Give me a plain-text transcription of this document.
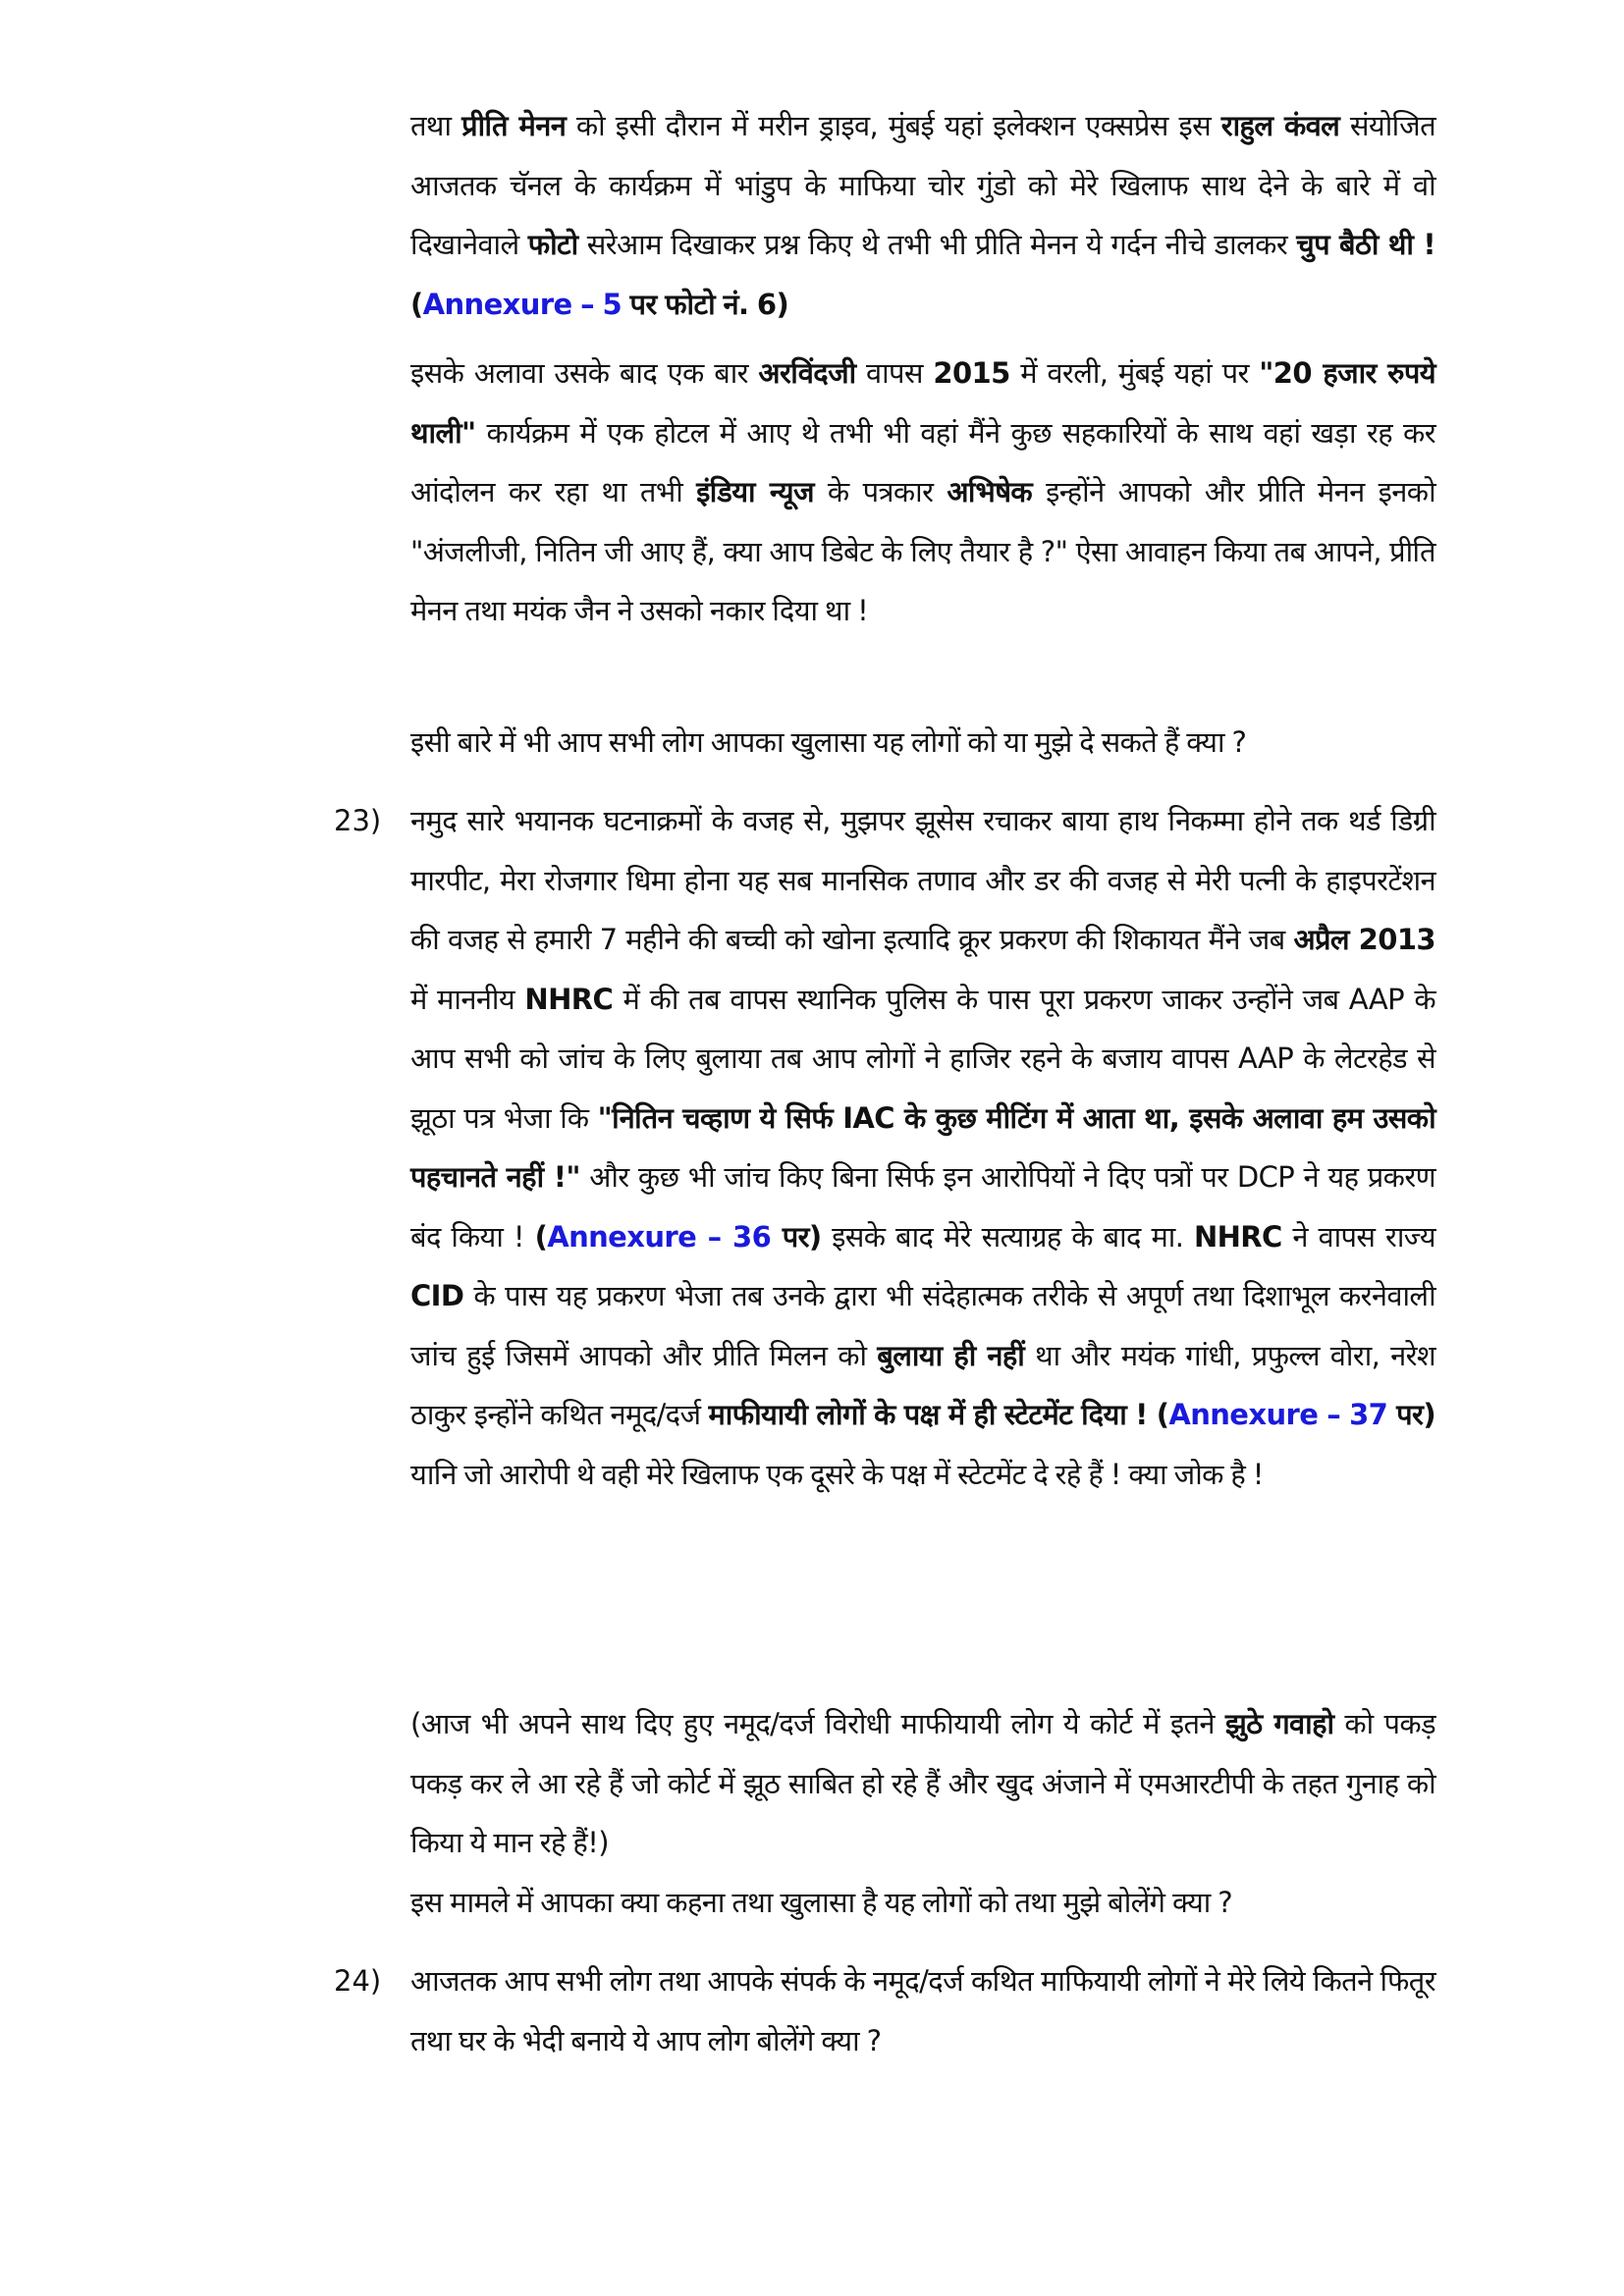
तथा प्रीति मेनन को इसी दौरान में मरीन ड्राइव, मुंबई यहां इलेक्शन एक्सप्रेस इस राहुल कंवल संयोजित आजतक चॅनल के कार्यक्रम में भांडुप के माफिया चोर गुंडो को मेरे खिलाफ साथ देने के बारे में वो दिखानेवाले फोटो सरेआम दिखाकर प्रश्न किए थे तभी भी प्रीति मेनन ये गर्दन नीचे डालकर चुप बैठी थी ! (Annexure – 5 पर फोटो नं. 6)
इसके अलावा उसके बाद एक बार अरविंदजी वापस 2015 में वरली, मुंबई यहां पर "20 हजार रुपये थाली" कार्यक्रम में एक होटल में आए थे तभी भी वहां मैंने कुछ सहकारियों के साथ वहां खड़ा रह कर आंदोलन कर रहा था तभी इंडिया न्यूज के पत्रकार अभिषेक इन्होंने आपको और प्रीति मेनन इनको "अंजलीजी, नितिन जी आए हैं, क्या आप डिबेट के लिए तैयार है ?" ऐसा आवाहन किया तब आपने, प्रीति मेनन तथा मयंक जैन ने उसको नकार दिया था !
इसी बारे में भी आप सभी लोग आपका खुलासा यह लोगों को या मुझे दे सकते हैं क्या ?
23) नमुद सारे भयानक घटनाक्रमों के वजह से, मुझपर झूसेस रचाकर बाया हाथ निकम्मा होने तक थर्ड डिग्री मारपीट, मेरा रोजगार धिमा होना यह सब मानसिक तणाव और डर की वजह से मेरी पत्नी के हाइपरटेंशन की वजह से हमारी 7 महीने की बच्ची को खोना इत्यादि क्रूर प्रकरण की शिकायत मैंने जब अप्रैल 2013 में माननीय NHRC में की तब वापस स्थानिक पुलिस के पास पूरा प्रकरण जाकर उन्होंने जब AAP के आप सभी को जांच के लिए बुलाया तब आप लोगों ने हाजिर रहने के बजाय वापस AAP के लेटरहेड से झूठा पत्र भेजा कि "नितिन चव्हाण ये सिर्फ IAC के कुछ मीटिंग में आता था, इसके अलावा हम उसको पहचानते नहीं !" और कुछ भी जांच किए बिना सिर्फ इन आरोपियों ने दिए पत्रों पर DCP ने यह प्रकरण बंद किया ! (Annexure – 36 पर) इसके बाद मेरे सत्याग्रह के बाद मा. NHRC ने वापस राज्य CID के पास यह प्रकरण भेजा तब उनके द्वारा भी संदेहात्मक तरीके से अपूर्ण तथा दिशाभूल करनेवाली जांच हुई जिसमें आपको और प्रीति मिलन को बुलाया ही नहीं था और मयंक गांधी, प्रफुल्ल वोरा, नरेश ठाकुर इन्होंने कथित नमूद/दर्ज माफीयायी लोगों के पक्ष में ही स्टेटमेंट दिया ! (Annexure – 37 पर) यानि जो आरोपी थे वही मेरे खिलाफ एक दूसरे के पक्ष में स्टेटमेंट दे रहे हैं ! क्या जोक है !
(आज भी अपने साथ दिए हुए नमूद/दर्ज विरोधी माफीयायी लोग ये कोर्ट में इतने झुठे गवाहो को पकड़ पकड़ कर ले आ रहे हैं जो कोर्ट में झूठ साबित हो रहे हैं और खुद अंजाने में एमआरटीपी के तहत गुनाह को किया ये मान रहे हैं!)
इस मामले में आपका क्या कहना तथा खुलासा है यह लोगों को तथा मुझे बोलेंगे क्या ?
24) आजतक आप सभी लोग तथा आपके संपर्क के नमूद/दर्ज कथित माफियायी लोगों ने मेरे लिये कितने फितूर तथा घर के भेदी बनाये ये आप लोग बोलेंगे क्या ?
